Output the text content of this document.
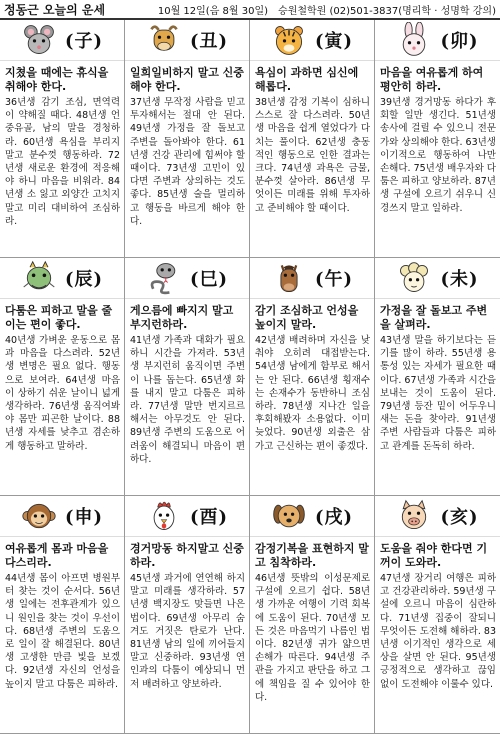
정동근 오늘의 운세	10월 12일(음 8월 30일) 승원철학원 (02)501-3837(명리학 · 성명학 강의)
(子)
지쳤을 때에는 휴식을 취해야 한다.
36년생 감기 조심, 면역력이 약해질 때다. 48년생 언중유골, 남의 말을 경청하라. 60년생 욕심을 부리지 말고 분수껏 행동하라. 72년생 새로운 환경에 적응해야 하니 마음을 비워라. 84년생 소 잃고 외양간 고치지 말고 미리 대비하여 조심하라.
(丑)
일희일비하지 말고 신중해야 한다.
37년생 무작정 사람을 믿고 투자해서는 절대 안 된다. 49년생 가정을 잘 돌보고 주변을 돌아봐야 한다. 61년생 건강 관리에 힘써야 할 때이다. 73년생 고민이 있다면 주변과 상의하는 것도 좋다. 85년생 술을 멀리하고 행동을 바르게 해야 한다.
(寅)
욕심이 과하면 심신에 해롭다.
38년생 감정 기복이 심하니 스스로 잘 다스려라. 50년생 마음을 쉽게 열었다가 다치는 풀이다. 62년생 충동적인 행동으로 인한 결과는 크다. 74년생 과욕은 금물, 분수껏 살아라. 86년생 무엇이든 미래를 위해 투자하고 준비해야 할 때이다.
(卯)
마음을 여유롭게 하여 평안히 하라.
39년생 경거망동 하다가 후회할 일만 생긴다. 51년생 송사에 걸릴 수 있으니 전문가와 상의해야 한다. 63년생 이기적으로 행동하여 나만 손해다. 75년생 배우자와 다툼은 피하고 양보하라. 87년생 구설에 오르기 쉬우니 신경쓰지 말고 일하라.
(辰)
다툼은 피하고 말을 줄이는 편이 좋다.
40년생 가벼운 운동으로 몸과 마음을 다스려라. 52년생 변명은 필요 없다. 행동으로 보여라. 64년생 마음이 상하기 쉬운 날이니 넓게 생각하라. 76년생 움직여봐야 몸만 피곤한 날이다. 88년생 자세를 낮추고 겸손하게 행동하고 말하라.
(巳)
게으름에 빠지지 말고 부지런하라.
41년생 가족과 대화가 필요하니 시간을 가져라. 53년생 부지런히 움직이면 주변이 나를 돕는다. 65년생 화를 내지 말고 다툼은 피하라. 77년생 말만 번지르르해서는 아무것도 안 된다. 89년생 주변의 도움으로 어려움이 해결되니 마음이 편하다.
(午)
감기 조심하고 언성을 높이지 말라.
42년생 배려하며 자신을 낮춰야 오히려 대접받는다. 54년생 남에게 함부로 해서는 안 된다. 66년생 횡재수는 손재수가 동반하니 조심하라. 78년생 지나간 일을 후회해봤자 소용없다. 이미 늦었다. 90년생 외출은 삼가고 근신하는 편이 좋겠다.
(未)
가정을 잘 돌보고 주변을 살펴라.
43년생 말을 하기보다는 듣기를 많이 하라. 55년생 용통성 있는 자세가 필요한 때이다. 67년생 가족과 시간을 보내는 것이 도움이 된다. 79년생 등잔 밑이 어두우니 새는 돈을 찾아라. 91년생 주변 사람들과 다툼은 피하고 관계를 돈독히 하라.
(申)
여유롭게 몸과 마음을 다스리라.
44년생 몸이 아프면 병원부터 찾는 것이 순서다. 56년생 일에는 전후관계가 있으니 원인을 찾는 것이 우선이다. 68년생 주변의 도움으로 일이 잘 해결된다. 80년생 고생한 만큼 빛을 보겠다. 92년생 자신의 언성을 높이지 말고 다툼은 피하라.
(酉)
경거망동 하지말고 신중하라.
45년생 과거에 연연해 하지 말고 미래를 생각하라. 57년생 백지장도 맞들면 나은 법이다. 69년생 아무리 숨겨도 거짓은 탄로가 난다. 81년생 남의 일에 끼어들지 말고 신중하라. 93년생 연인과의 다툼이 예상되니 먼저 배려하고 양보하라.
(戌)
감정기복을 표현하지 말고 침착하라.
46년생 뜻밖의 이성문제로 구설에 오르기 쉽다. 58년생 가까운 여행이 기력 회복에 도움이 된다. 70년생 모든 것은 마음먹기 나름인 법이다. 82년생 귀가 얇으면 손해가 따른다. 94년생 주관을 가지고 판단을 하고 그에 책임을 질 수 있어야 한다.
(亥)
도움을 줘야 한다면 기꺼이 도와라.
47년생 장거리 여행은 피하고 건강관리하라. 59년생 구설에 오르니 마음이 심란하다. 71년생 집중이 잘되니 무엇이든 도전해 해하라. 83년생 이기적인 생각으로 세상을 살면 안 된다. 95년생 긍정적으로 생각하고 끊임없이 도전해야 이룰수 있다.
